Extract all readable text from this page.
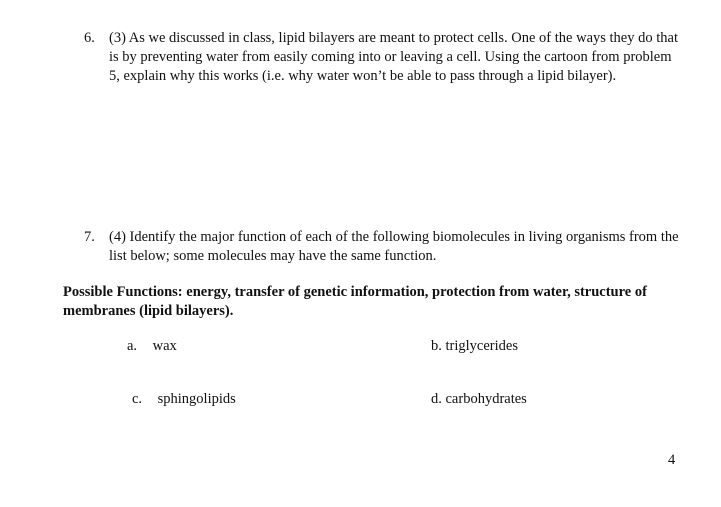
6. (3) As we discussed in class, lipid bilayers are meant to protect cells. One of the ways they do that is by preventing water from easily coming into or leaving a cell. Using the cartoon from problem 5, explain why this works (i.e. why water won’t be able to pass through a lipid bilayer).
7. (4) Identify the major function of each of the following biomolecules in living organisms from the list below; some molecules may have the same function.
Possible Functions: energy, transfer of genetic information, protection from water, structure of membranes (lipid bilayers).
a. wax	b. triglycerides
c. sphingolipids	d. carbohydrates
4
